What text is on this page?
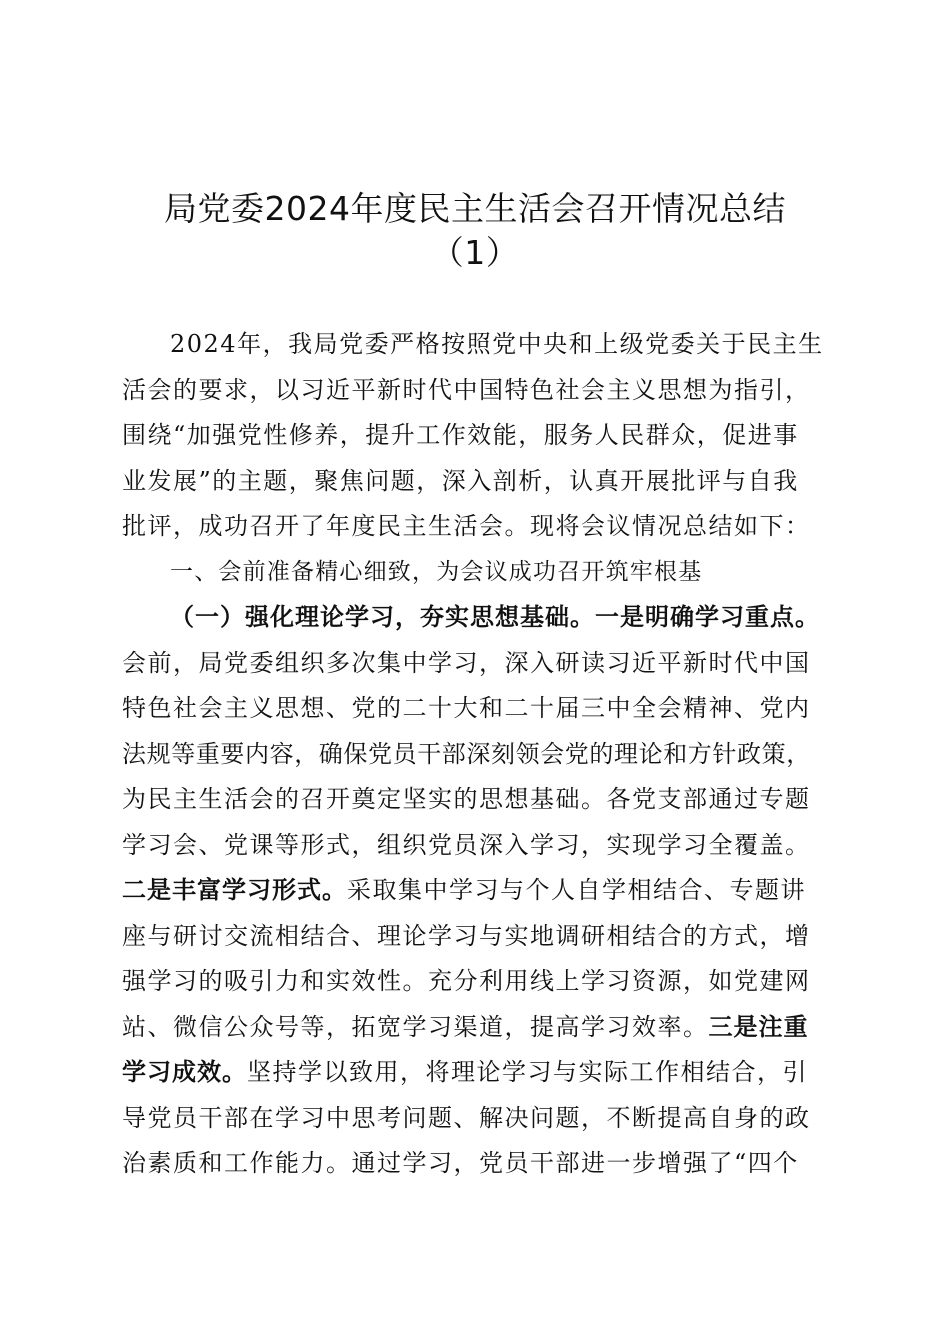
局党委2024年度民主生活会召开情况总结
（1）
2024年，我局党委严格按照党中央和上级党委关于民主生
活会的要求，以习近平新时代中国特色社会主义思想为指引，
围绕“加强党性修养，提升工作效能，服务人民群众，促进事
业发展”的主题，聚焦问题，深入剖析，认真开展批评与自我
批评，成功召开了年度民主生活会。现将会议情况总结如下：
一、会前准备精心细致，为会议成功召开筑牢根基
（一）强化理论学习，夯实思想基础。一是明确学习重点。
会前，局党委组织多次集中学习，深入研读习近平新时代中国
特色社会主义思想、党的二十大和二十届三中全会精神、党内
法规等重要内容，确保党员干部深刻领会党的理论和方针政策，
为民主生活会的召开奠定坚实的思想基础。各党支部通过专题
学习会、党课等形式，组织党员深入学习，实现学习全覆盖。
二是丰富学习形式。采取集中学习与个人自学相结合、专题讲
座与研讨交流相结合、理论学习与实地调研相结合的方式，增
强学习的吸引力和实效性。充分利用线上学习资源，如党建网
站、微信公众号等，拓宽学习渠道，提高学习效率。三是注重
学习成效。坚持学以致用，将理论学习与实际工作相结合，引
导党员干部在学习中思考问题、解决问题，不断提高自身的政
治素质和工作能力。通过学习，党员干部进一步增强了“四个
